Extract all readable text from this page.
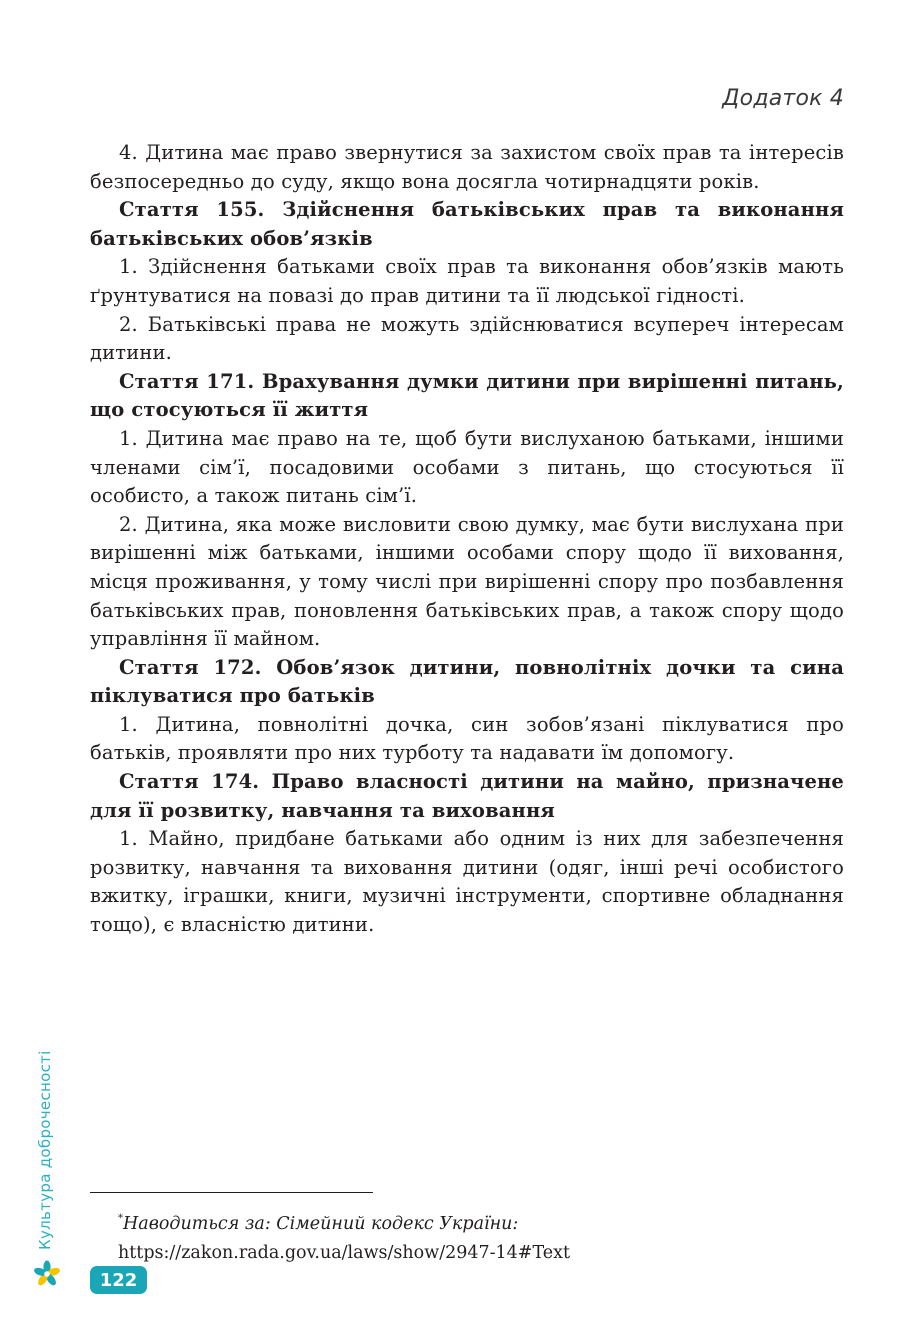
Додаток 4

4. Дитина має право звернутися за захистом своїх прав та інтересів безпосередньо до суду, якщо вона досягла чотирнадцяти років.

Стаття 155. Здійснення батьківських прав та виконання батьківських обов’язків

1. Здійснення батьками своїх прав та виконання обов’язків мають ґрунтуватися на повазі до прав дитини та її людської гідності.

2. Батьківські права не можуть здійснюватися всупереч інтересам дитини.

Стаття 171. Врахування думки дитини при вирішенні питань, що стосуються її життя

1. Дитина має право на те, щоб бути вислуханою батьками, іншими членами сім’ї, посадовими особами з питань, що стосуються її особисто, а також питань сім’ї.

2. Дитина, яка може висловити свою думку, має бути вислухана при вирішенні між батьками, іншими особами спору щодо її виховання, місця проживання, у тому числі при вирішенні спору про позбавлення батьківських прав, поновлення батьківських прав, а також спору щодо управління її майном.

Стаття 172. Обов’язок дитини, повнолітніх дочки та сина піклуватися про батьків

1. Дитина, повнолітні дочка, син зобов’язані піклуватися про батьків, проявляти про них турботу та надавати їм допомогу.

Стаття 174. Право власності дитини на майно, призначене для її розвитку, навчання та виховання

1. Майно, придбане батьками або одним із них для забезпечення розвитку, навчання та виховання дитини (одяг, інші речі особистого вжитку, іграшки, книги, музичні інструменти, спортивне обладнання тощо), є власністю дитини.

*Наводиться за: Сімейний кодекс України:
https://zakon.rada.gov.ua/laws/show/2947-14#Text
Культура доброчесності
122
